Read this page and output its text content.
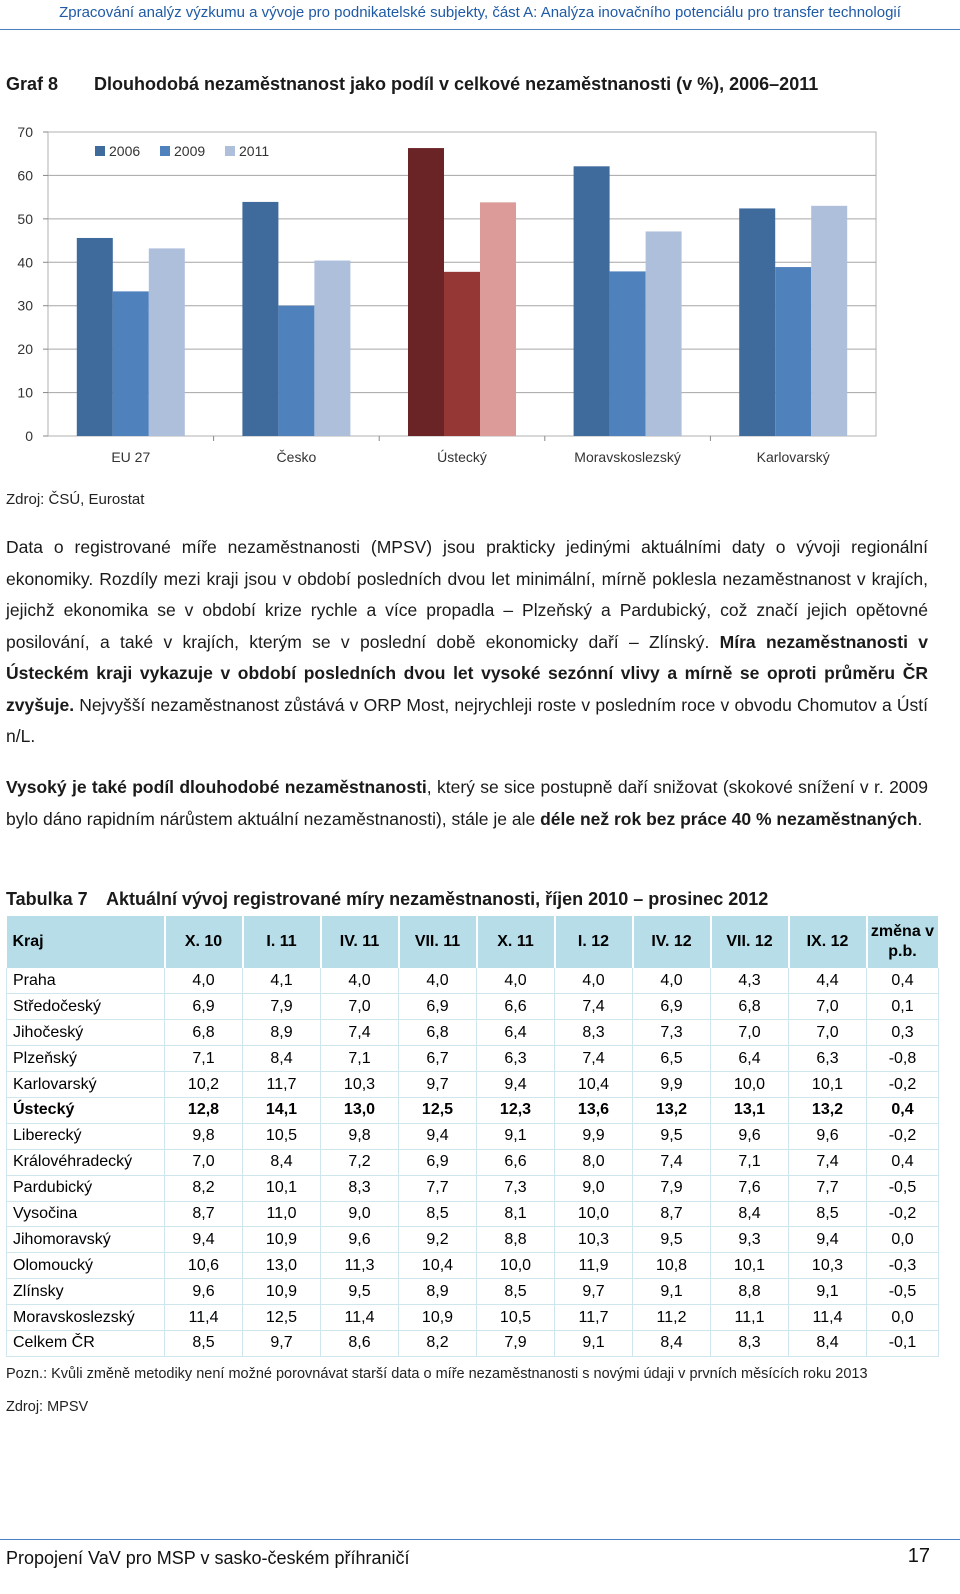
Zpracování analýz výzkumu a vývoje pro podnikatelské subjekty, část A: Analýza inovačního potenciálu pro transfer technologií
Graf 8 Dlouhodobá nezaměstnanost jako podíl v celkové nezaměstnanosti (v %), 2006–2011
0
10
20
30
40
50
60
70
EU 27	Česko	Ústecký	Moravskoslezský	Karlovarský
2006 2009 2011
Zdroj: ČSÚ, Eurostat
Data o registrované míře nezaměstnanosti (MPSV) jsou prakticky jedinými aktuálními daty o vývoji regionální ekonomiky. Rozdíly mezi kraji jsou v období posledních dvou let minimální, mírně poklesla nezaměstnanost v krajích, jejichž ekonomika se v období krize rychle a více propadla – Plzeňský a Pardubický, což značí jejich opětovné posilování, a také v krajích, kterým se v poslední době ekonomicky daří – Zlínský. Míra nezaměstnanosti v Ústeckém kraji vykazuje v období posledních dvou let vysoké sezónní vlivy a mírně se oproti průměru ČR zvyšuje. Nejvyšší nezaměstnanost zůstává v ORP Most, nejrychleji roste v posledním roce v obvodu Chomutov a Ústí n/L.
Vysoký je také podíl dlouhodobé nezaměstnanosti, který se sice postupně daří snižovat (skokové snížení v r. 2009 bylo dáno rapidním nárůstem aktuální nezaměstnanosti), stále je ale déle než rok bez práce 40 % nezaměstnaných.
Tabulka 7 Aktuální vývoj registrované míry nezaměstnanosti, říjen 2010 – prosinec 2012
Kraj	X. 10	I. 11	IV. 11	VII. 11	X. 11	I. 12	IV. 12	VII. 12	IX. 12	změna v p.b.
Praha	4,0	4,1	4,0	4,0	4,0	4,0	4,0	4,3	4,4	0,4
Středočeský	6,9	7,9	7,0	6,9	6,6	7,4	6,9	6,8	7,0	0,1
Jihočeský	6,8	8,9	7,4	6,8	6,4	8,3	7,3	7,0	7,0	0,3
Plzeňský	7,1	8,4	7,1	6,7	6,3	7,4	6,5	6,4	6,3	-0,8
Karlovarský	10,2	11,7	10,3	9,7	9,4	10,4	9,9	10,0	10,1	-0,2
Ústecký	12,8	14,1	13,0	12,5	12,3	13,6	13,2	13,1	13,2	0,4
Liberecký	9,8	10,5	9,8	9,4	9,1	9,9	9,5	9,6	9,6	-0,2
Královéhradecký	7,0	8,4	7,2	6,9	6,6	8,0	7,4	7,1	7,4	0,4
Pardubický	8,2	10,1	8,3	7,7	7,3	9,0	7,9	7,6	7,7	-0,5
Vysočina	8,7	11,0	9,0	8,5	8,1	10,0	8,7	8,4	8,5	-0,2
Jihomoravský	9,4	10,9	9,6	9,2	8,8	10,3	9,5	9,3	9,4	0,0
Olomoucký	10,6	13,0	11,3	10,4	10,0	11,9	10,8	10,1	10,3	-0,3
Zlínsky	9,6	10,9	9,5	8,9	8,5	9,7	9,1	8,8	9,1	-0,5
Moravskoslezský	11,4	12,5	11,4	10,9	10,5	11,7	11,2	11,1	11,4	0,0
Celkem ČR	8,5	9,7	8,6	8,2	7,9	9,1	8,4	8,3	8,4	-0,1
Pozn.: Kvůli změně metodiky není možné porovnávat starší data o míře nezaměstnanosti s novými údaji v prvních měsících roku 2013
Zdroj: MPSV
Propojení VaV pro MSP v sasko-českém příhraničí	17
